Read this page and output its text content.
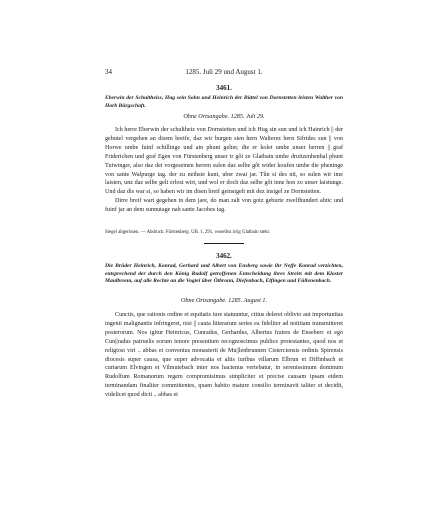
34	1285. Juli 29 und August 1.
3461.
Eberwin der Schultheiss, Hug sein Sohn und Heinrich der Büttel von Dornstetten leisten Walther von Horb Bürgschaft.
Ohne Ortsangabe. 1285. Juli 29.

Ich herre Eberwin der schultheiz von Dornstetten und ich Hug sin sun und ich Hainrich || der gebutel vergehen an disem breife, daz wir burgen sien hern Walterez hern Sifrides sun || von Horwe umbe fuinf schillinge und ain phunt gelter, die er kolet umbe unser herren || graf Friderichen und graf Egen von Fürstenberg unser ir gôt ze Glatbain umbe druitzenhenhal phunt Tuiwinger, also daz dei vorgeseinen herren sulen daz selbe gôt wider koufen umbe die pheninge von sante Walpurge tag. der zu neihste kunt, uber zwai jar. Tûn si des nit, so sulen wir ime laisten, unz daz selbe gelt erlost wirt, und wol er doch daz selbe gôt inne hon zo unser laistunge. Und daz dis war si, so haben wir im disen breif geinsigelt mit dez insigel ze Dornstetten.

Dirre breif wart gegeben in dem jare, do man zalt von gotz geburte zwelfhundert ahtic und fuinf jar an dem sunnutage nah sante Jacobes tag.

Siegel abgerissen. — Abdruck: Fürstenberg. UB. 1, 291, woselbst irrig Glatbain steht.
3462.
Die Brüder Heinrich, Konrad, Gerhard und Albert von Ensberg sowie ihr Neffe Konrad verzichten, entsprechend der durch den König Rudolf getroffenen Entscheidung ihres Streits mit dem Kloster Maulbronn, auf alle Rechte an die Vogtei über Ötbronn, Diefenbach, Elfingen und Füllenenbach.
Ohne Ortsangabe. 1285. August 1.

Cunctis, que rationis ordine et equitatis iure statuuntur, citius deleret oblivio aut importunitas ingenii malignantis infringeret, nisi || cauta litterarum series ea fideliter ad notitiam transmitteret posterorum. Nos igitur Heinricus, Cunradus, Gerhardus, Albertus fratres de Enseberc et ego Cun||radus patruelis eorum tenore presentium recognoscimus publice protestantes, quod nos et religiosi viri .. abbas et conventus monasterii de Mu||lenbrunnen Cisterciensis ordinis Spirensis diocesis super causa, que super advocatia et aliis iuribus villarum Elbrun et Diffinbach et curiarum Elvingen et Vilmutebach inter nos hactenus vertebatur, in serenissimum dominum Rudolfum Romanorum regem compromisimus simpliciter et precise causam ipsam eidem terminandam finaliter committentes, quam habito mature consilio terminavit taliter et decidit, videlicet quod dicti .. abbas et
